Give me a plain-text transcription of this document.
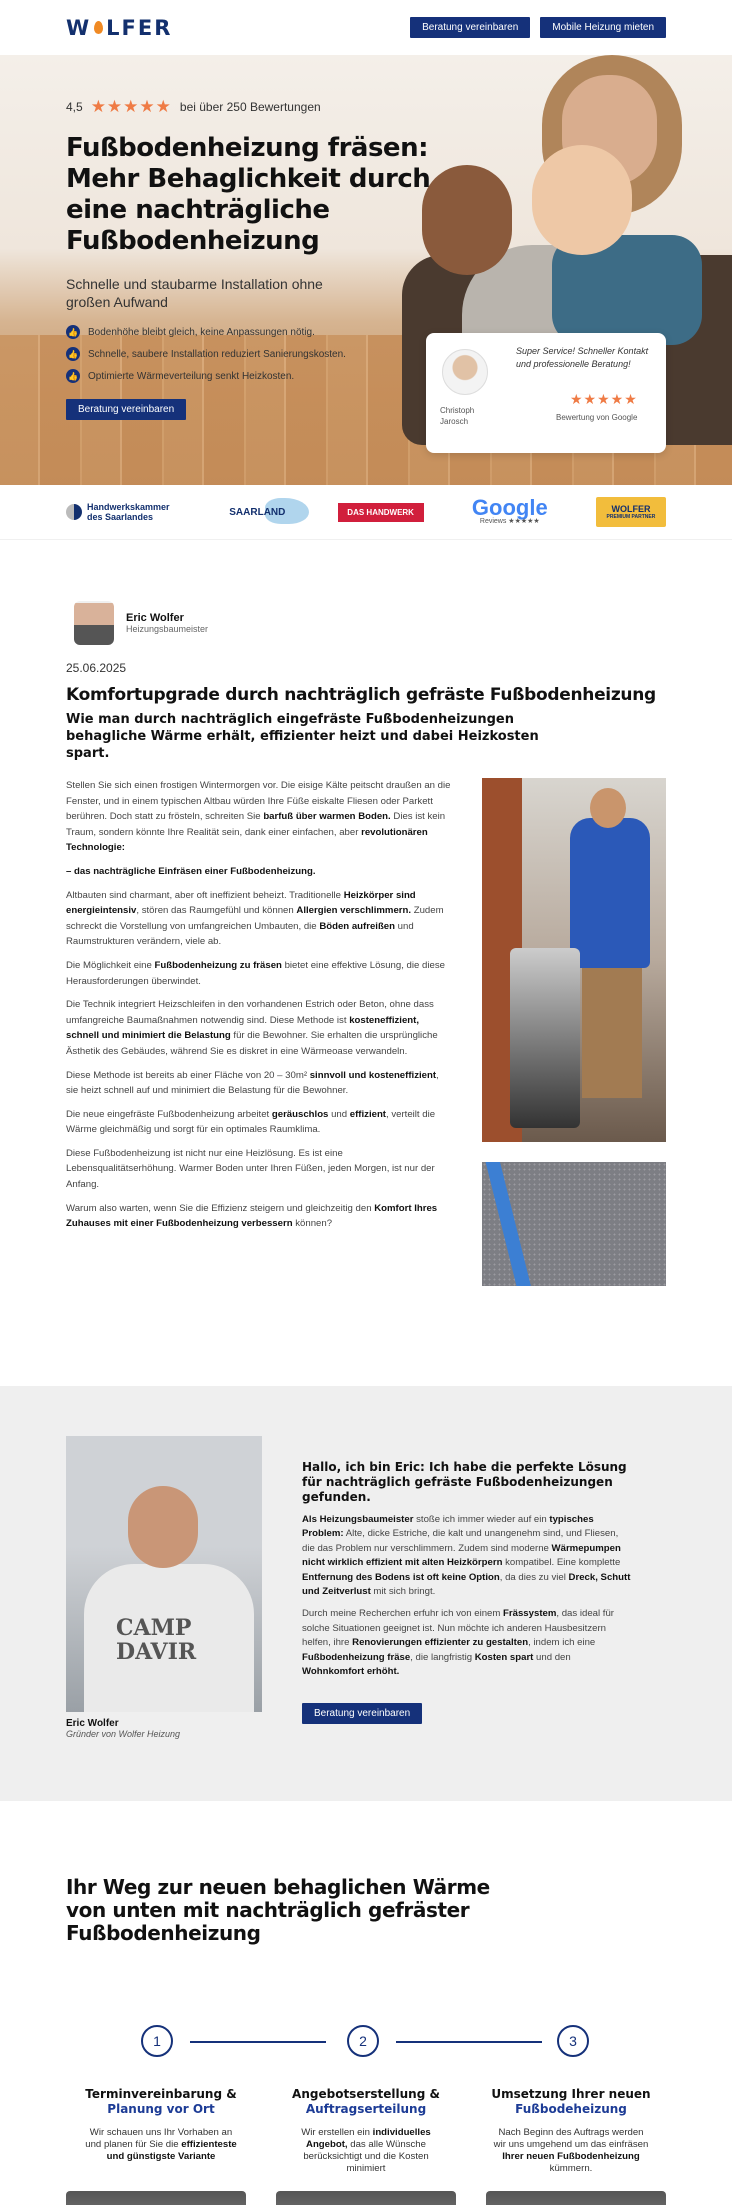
W LFER	Beratung vereinbaren	Mobile Heizung mieten
4,5 ★★★★★ bei über 250 Bewertungen
Fußbodenheizung fräsen: Mehr Behaglichkeit durch eine nachträgliche Fußbodenheizung
Schnelle und staubarme Installation ohne großen Aufwand
👍 Bodenhöhe bleibt gleich, keine Anpassungen nötig.
👍 Schnelle, saubere Installation reduziert Sanierungskosten.
👍 Optimierte Wärmeverteilung senkt Heizkosten.
Beratung vereinbaren	Christoph Jarosch
Super Service! Schneller Kontakt und professionelle Beratung!
★★★★★
Bewertung von Google
Handwerkskammer des Saarlandes	SAARLAND	DAS HANDWERK	Google
Reviews ★★★★★
WOLFER
PREMIUM PARTNER
Eric Wolfer
Heizungsbaumeister
25.06.2025
Komfortupgrade durch nachträglich gefräste Fußbodenheizung
Wie man durch nachträglich eingefräste Fußbodenheizungen behagliche Wärme erhält, effizienter heizt und dabei Heizkosten spart.

Stellen Sie sich einen frostigen Wintermorgen vor. Die eisige Kälte peitscht draußen an die Fenster, und in einem typischen Altbau würden Ihre Füße eiskalte Fliesen oder Parkett berühren. Doch statt zu frösteln, schreiten Sie barfuß über warmen Boden. Dies ist kein Traum, sondern könnte Ihre Realität sein, dank einer einfachen, aber revolutionären Technologie:

– das nachträgliche Einfräsen einer Fußbodenheizung.

Altbauten sind charmant, aber oft ineffizient beheizt. Traditionelle Heizkörper sind energieintensiv, stören das Raumgefühl und können Allergien verschlimmern. Zudem schreckt die Vorstellung von umfangreichen Umbauten, die Böden aufreißen und Raumstrukturen verändern, viele ab.

Die Möglichkeit eine Fußbodenheizung zu fräsen bietet eine effektive Lösung, die diese Herausforderungen überwindet.

Die Technik integriert Heizschleifen in den vorhandenen Estrich oder Beton, ohne dass umfangreiche Baumaßnahmen notwendig sind. Diese Methode ist kosteneffizient, schnell und minimiert die Belastung für die Bewohner. Sie erhalten die ursprüngliche Ästhetik des Gebäudes, während Sie es diskret in eine Wärmeoase verwandeln.

Diese Methode ist bereits ab einer Fläche von 20 – 30m² sinnvoll und kosteneffizient, sie heizt schnell auf und minimiert die Belastung für die Bewohner.

Die neue eingefräste Fußbodenheizung arbeitet geräuschlos und effizient, verteilt die Wärme gleichmäßig und sorgt für ein optimales Raumklima.

Diese Fußbodenheizung ist nicht nur eine Heizlösung. Es ist eine Lebensqualitätserhöhung. Warmer Boden unter Ihren Füßen, jeden Morgen, ist nur der Anfang.

Warum also warten, wenn Sie die Effizienz steigern und gleichzeitig den Komfort Ihres Zuhauses mit einer Fußbodenheizung verbessern können?

CAMP DAVIR
Eric Wolfer
Gründer von Wolfer Heizung
Hallo, ich bin Eric: Ich habe die perfekte Lösung für nachträglich gefräste Fußbodenheizungen gefunden.

Als Heizungsbaumeister stoße ich immer wieder auf ein typisches Problem: Alte, dicke Estriche, die kalt und unangenehm sind, und Fliesen, die das Problem nur verschlimmern. Zudem sind moderne Wärmepumpen nicht wirklich effizient mit alten Heizkörpern kompatibel. Eine komplette Entfernung des Bodens ist oft keine Option, da dies zu viel Dreck, Schutt und Zeitverlust mit sich bringt.

Durch meine Recherchen erfuhr ich von einem Frässystem, das ideal für solche Situationen geeignet ist. Nun möchte ich anderen Hausbesitzern helfen, ihre Renovierungen effizienter zu gestalten, indem ich eine Fußbodenheizung fräse, die langfristig Kosten spart und den Wohnkomfort erhöht.

Beratung vereinbaren
Ihr Weg zur neuen behaglichen Wärme von unten mit nachträglich gefräster Fußbodenheizung
1	2	3
Terminvereinbarung &
Planung vor Ort
Wir schauen uns Ihr Vorhaben an und planen für Sie die effizienteste und günstigste Variante
Angebotserstellung &
Auftragserteilung
Wir erstellen ein individuelles Angebot, das alle Wünsche berücksichtigt und die Kosten minimiert
Umsetzung Ihrer neuen
Fußbodeheizung
Nach Beginn des Auftrags werden wir uns umgehend um das einfräsen Ihrer neuen Fußbodenheizung kümmern.
